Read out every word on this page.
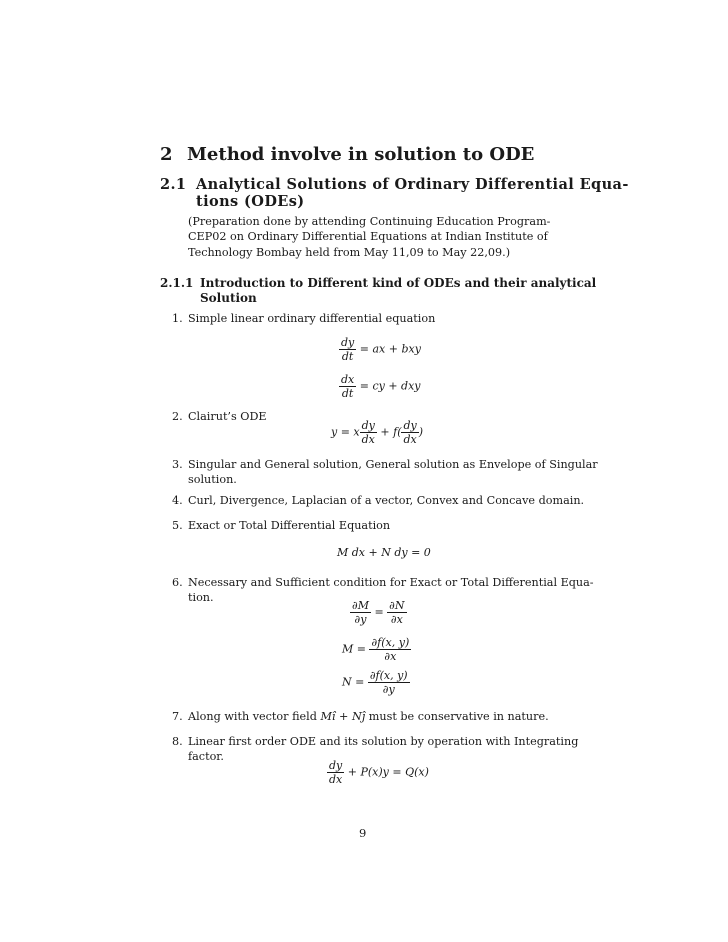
2 Method involve in solution to ODE
2.1 Analytical Solutions of Ordinary Differential Equa-
tions (ODEs)
(Preparation done by attending Continuing Education Program-
CEP02 on Ordinary Differential Equations at Indian Institute of
Technology Bombay held from May 11,09 to May 22,09.)
2.1.1 Introduction to Different kind of ODEs and their analytical
Solution
1. Simple linear ordinary differential equation
$\frac{dy}{dt}$ = ax + bxy
$\frac{dx}{dt}$ = cy + dxy
2. Clairut’s ODE
y = x $\frac{dy}{dx} + f( \frac{dy}{dx}$ )
3. Singular and General solution, General solution as Envelope of Singular
solution.
4. Curl, Divergence, Laplacian of a vector, Convex and Concave domain.
5. Exact or Total Differential Equation
M dx + N dy = 0
6. Necessary and Sufficient condition for Exact or Total Differential Equa-
tion.
$\frac{\partial M}{\partial y} = \frac{\partial N}{\partial x}$
$M = \frac{\partial f(x, y)}{\partial x}$
$N = \frac{\partial f(x, y)}{\partial y}$
7. Along with vector field Mî + Nĵ must be conservative in nature.
8. Linear first order ODE and its solution by operation with Integrating
factor.
$\frac{dy}{dx} + P(x)y = Q(x)$
9
